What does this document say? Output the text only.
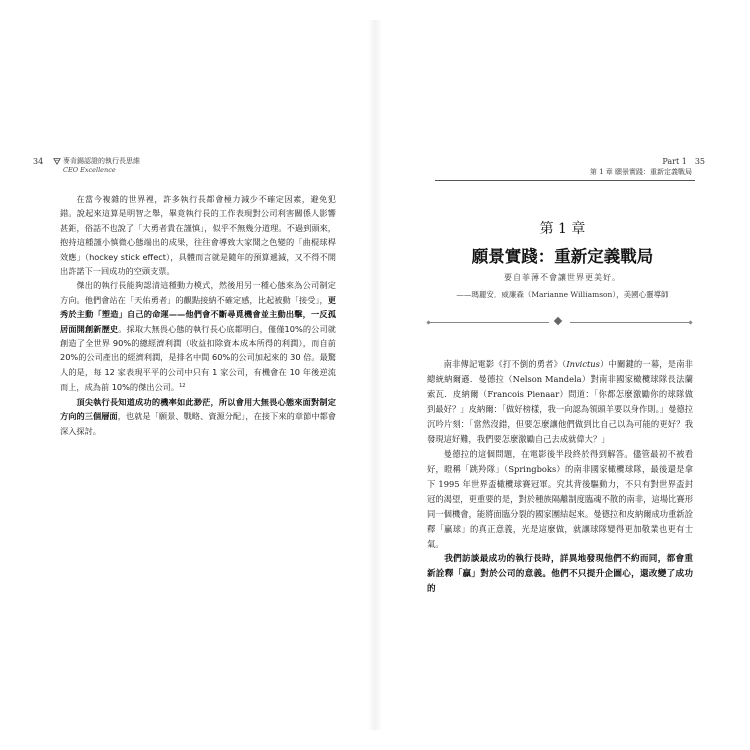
34	麥肯錫認證的執行長思維
CEO Excellence

在當今複雜的世界裡，許多執行長都會極力減少不確定因素，避免犯錯。說起來這算是明智之舉，畢竟執行長的工作表現對公司利害關係人影響甚鉅，俗話不也說了「大勇者貴在謹慎」，似乎不無幾分道理。不過到頭來，抱持這種謹小慎微心態端出的成果，往往會導致大家聞之色變的「曲棍球桿效應」（hockey stick effect），具體而言就是隨年的預算遞減，又不得不開出許諾下一回成功的空頭支票。

傑出的執行長能夠認清這種動力模式，然後用另一種心態來為公司制定方向。他們會站在「天佑勇者」的觀點接納不確定感，比起被動「接受」，更秀於主動「塑造」自己的命運——他們會不斷尋覓機會並主動出擊，一反孤居面開創新歷史。採取大無畏心態的執行長心底都明白，僅僅10%的公司就創造了全世界 90%的總經濟利潤（收益扣除資本成本所得的利潤），而自前 20%的公司產出的經濟利潤，是排名中間 60%的公司加起來的 30 倍。最驚人的是，每 12 家表現平平的公司中只有 1 家公司，有機會在 10 年後逆流而上，成為前 10%的傑出公司。$^{12}$

頂尖執行長知道成功的機率如此渺茫，所以會用大無畏心態來面對制定方向的三個層面，也就是「願景、戰略、資源分配」，在接下來的章節中都會深入探討。

Part 1 35
第 1 章 願景實踐：重新定義戰局
第 1 章
願景實踐：重新定義戰局
要自菲薄不會讓世界更美好。
——瑪麗安．威廉森（Marianne Williamson），美國心靈導師

南非傳記電影《打不倒的勇者》（Invictus）中關鍵的一幕，是南非總統納爾遜．曼德拉（Nelson Mandela）對南非國家橄欖球隊長法蘭索瓦．皮納爾（Francois Pienaar）問道：「你都怎麼激勵你的球隊做到最好？」皮納爾：「做好榜樣，我一向認為領頭羊要以身作則。」曼德拉沉吟片刻：「當然沒錯，但要怎麼讓他們做到比自己以為可能的更好？我發現這好難，我們要怎麼激勵自己去成就偉大？」

曼德拉的這個問題，在電影後半段終於得到解答。儘管最初不被看好，瞪稱「跳羚隊」（Springboks）的南非國家橄欖球隊，最後還是拿下 1995 年世界盃橄欖球賽冠軍。究其背後驅動力，不只有對世界盃封冠的渴望，更重要的是，對於種族隔離制度臨魂不散的南非，這場比賽形同一個機會，能將面臨分裂的國家團結起來。曼德拉和皮納爾成功重新詮釋「贏球」的真正意義，光是這麼做，就讓球隊變得更加敬業也更有士氣。

我們訪談最成功的執行長時，詳異地發現他們不約而同，都會重新詮釋「贏」對於公司的意義。他們不只提升企圖心，還改變了成功的
